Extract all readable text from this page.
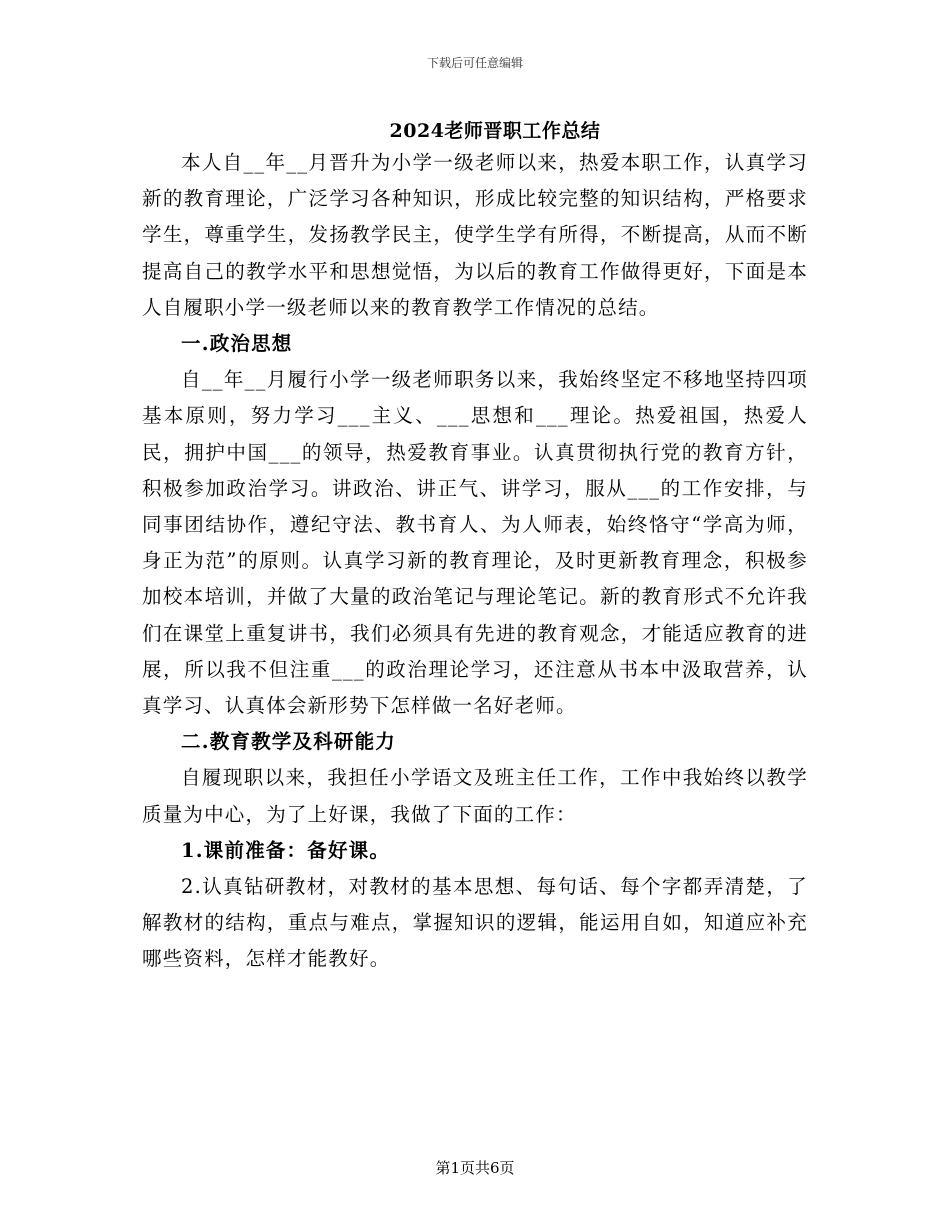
下载后可任意编辑
2024老师晋职工作总结

本人自__年__月晋升为小学一级老师以来，热爱本职工作，认真学习新的教育理论，广泛学习各种知识，形成比较完整的知识结构，严格要求学生，尊重学生，发扬教学民主，使学生学有所得，不断提高，从而不断提高自己的教学水平和思想觉悟，为以后的教育工作做得更好，下面是本人自履职小学一级老师以来的教育教学工作情况的总结。

一.政治思想

自__年__月履行小学一级老师职务以来，我始终坚定不移地坚持四项基本原则，努力学习___主义、___思想和___理论。热爱祖国，热爱人民，拥护中国___的领导，热爱教育事业。认真贯彻执行党的教育方针，积极参加政治学习。讲政治、讲正气、讲学习，服从___的工作安排，与同事团结协作，遵纪守法、教书育人、为人师表，始终恪守“学高为师，身正为范”的原则。认真学习新的教育理论，及时更新教育理念，积极参加校本培训，并做了大量的政治笔记与理论笔记。新的教育形式不允许我们在课堂上重复讲书，我们必须具有先进的教育观念，才能适应教育的进展，所以我不但注重___的政治理论学习，还注意从书本中汲取营养，认真学习、认真体会新形势下怎样做一名好老师。

二.教育教学及科研能力

自履现职以来，我担任小学语文及班主任工作，工作中我始终以教学质量为中心，为了上好课，我做了下面的工作：

1.课前准备：备好课。

2.认真钻研教材，对教材的基本思想、每句话、每个字都弄清楚，了解教材的结构，重点与难点，掌握知识的逻辑，能运用自如，知道应补充哪些资料，怎样才能教好。

第1页共6页
